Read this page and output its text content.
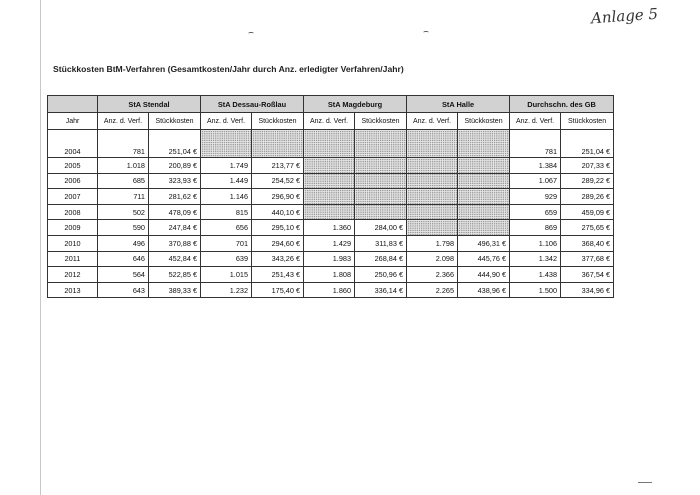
Anlage 5
Stückkosten BtM-Verfahren (Gesamtkosten/Jahr durch Anz. erledigter Verfahren/Jahr)
	StA Stendal		StA Dessau-Roßlau		StA Magdeburg		StA Halle		Durchschn. des GB	
Jahr	Anz. d. Verf.	Stückkosten	Anz. d. Verf.	Stückkosten	Anz. d. Verf.	Stückkosten	Anz. d. Verf.	Stückkosten	Anz. d. Verf.	Stückkosten
2004	781	251,04 €							781	251,04 €
2005	1.018	200,89 €	1.749	213,77 €					1.384	207,33 €
2006	685	323,93 €	1.449	254,52 €					1.067	289,22 €
2007	711	281,62 €	1.146	296,90 €					929	289,26 €
2008	502	478,09 €	815	440,10 €					659	459,09 €
2009	590	247,84 €	656	295,10 €	1.360	284,00 €			869	275,65 €
2010	496	370,88 €	701	294,60 €	1.429	311,83 €	1.798	496,31 €	1.106	368,40 €
2011	646	452,84 €	639	343,26 €	1.983	268,84 €	2.098	445,76 €	1.342	377,68 €
2012	564	522,85 €	1.015	251,43 €	1.808	250,96 €	2.366	444,90 €	1.438	367,54 €
2013	643	389,33 €	1.232	175,40 €	1.860	336,14 €	2.265	438,96 €	1.500	334,96 €
